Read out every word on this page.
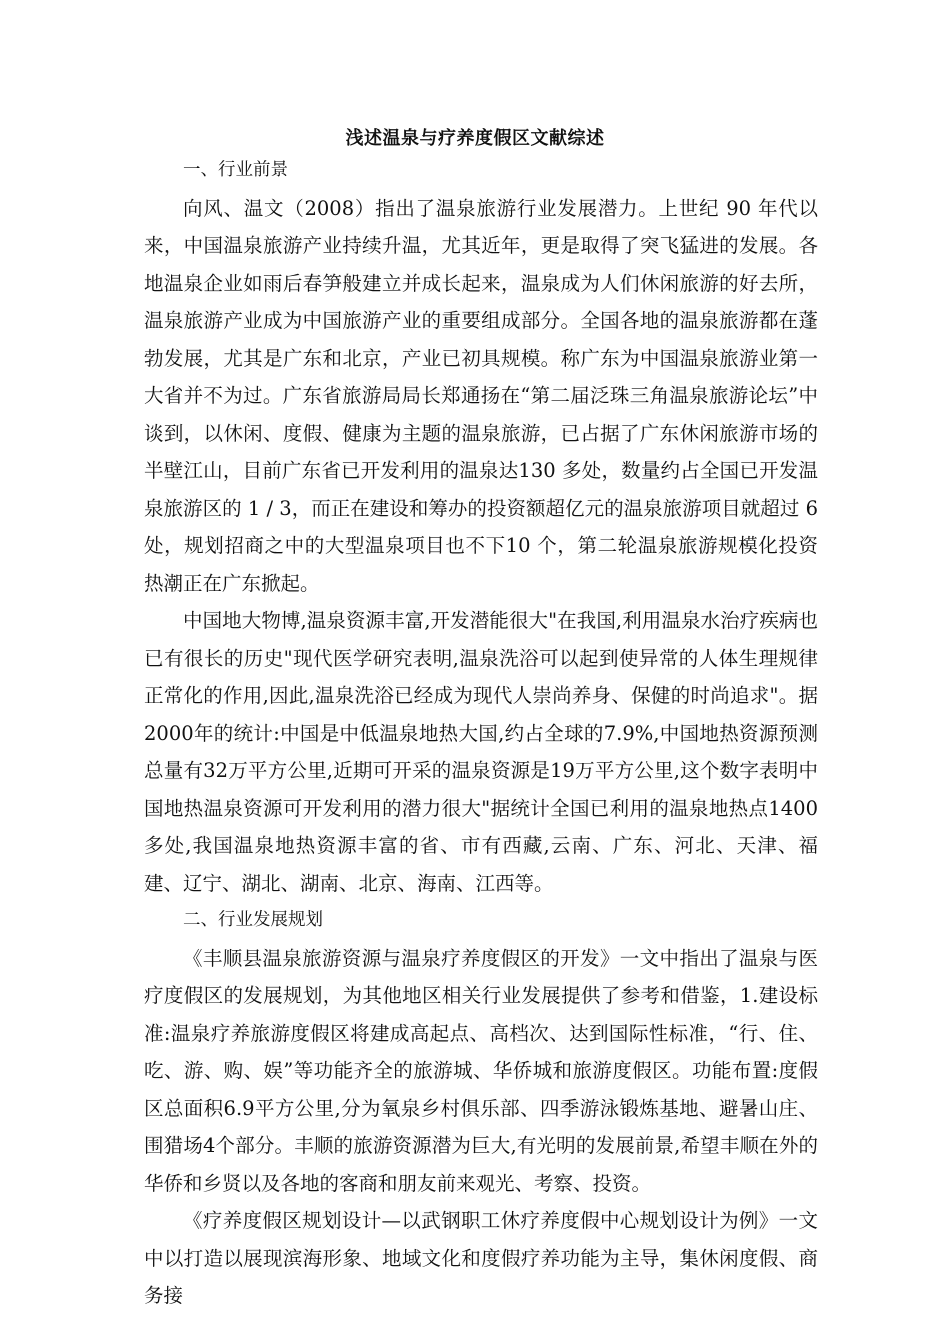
浅述温泉与疗养度假区文献综述

一、行业前景

向风、温文（2008）指出了温泉旅游行业发展潜力。上世纪 90 年代以来，中国温泉旅游产业持续升温，尤其近年，更是取得了突飞猛进的发展。各地温泉企业如雨后春笋般建立并成长起来，温泉成为人们休闲旅游的好去所，温泉旅游产业成为中国旅游产业的重要组成部分。全国各地的温泉旅游都在蓬勃发展，尤其是广东和北京，产业已初具规模。称广东为中国温泉旅游业第一大省并不为过。广东省旅游局局长郑通扬在“第二届泛珠三角温泉旅游论坛”中谈到，以休闲、度假、健康为主题的温泉旅游，已占据了广东休闲旅游市场的半壁江山，目前广东省已开发利用的温泉达130 多处，数量约占全国已开发温泉旅游区的 1 / 3，而正在建设和筹办的投资额超亿元的温泉旅游项目就超过 6 处，规划招商之中的大型温泉项目也不下10 个，第二轮温泉旅游规模化投资热潮正在广东掀起。

中国地大物博,温泉资源丰富,开发潜能很大"在我国,利用温泉水治疗疾病也已有很长的历史"现代医学研究表明,温泉洗浴可以起到使异常的人体生理规律正常化的作用,因此,温泉洗浴已经成为现代人崇尚养身、保健的时尚追求"。据2000年的统计:中国是中低温泉地热大国,约占全球的7.9%,中国地热资源预测总量有32万平方公里,近期可开采的温泉资源是19万平方公里,这个数字表明中国地热温泉资源可开发利用的潜力很大"据统计全国已利用的温泉地热点1400多处,我国温泉地热资源丰富的省、市有西藏,云南、广东、河北、天津、福建、辽宁、湖北、湖南、北京、海南、江西等。

二、行业发展规划

《丰顺县温泉旅游资源与温泉疗养度假区的开发》一文中指出了温泉与医疗度假区的发展规划，为其他地区相关行业发展提供了参考和借鉴，1.建设标准:温泉疗养旅游度假区将建成高起点、高档次、达到国际性标准，“行、住、吃、游、购、娱”等功能齐全的旅游城、华侨城和旅游度假区。功能布置:度假区总面积6.9平方公里,分为氧泉乡村俱乐部、四季游泳锻炼基地、避暑山庄、围猎场4个部分。丰顺的旅游资源潜为巨大,有光明的发展前景,希望丰顺在外的华侨和乡贤以及各地的客商和朋友前来观光、考察、投资。

《疗养度假区规划设计—以武钢职工休疗养度假中心规划设计为例》一文中以打造以展现滨海形象、地域文化和度假疗养功能为主导，集休闲度假、商务接
